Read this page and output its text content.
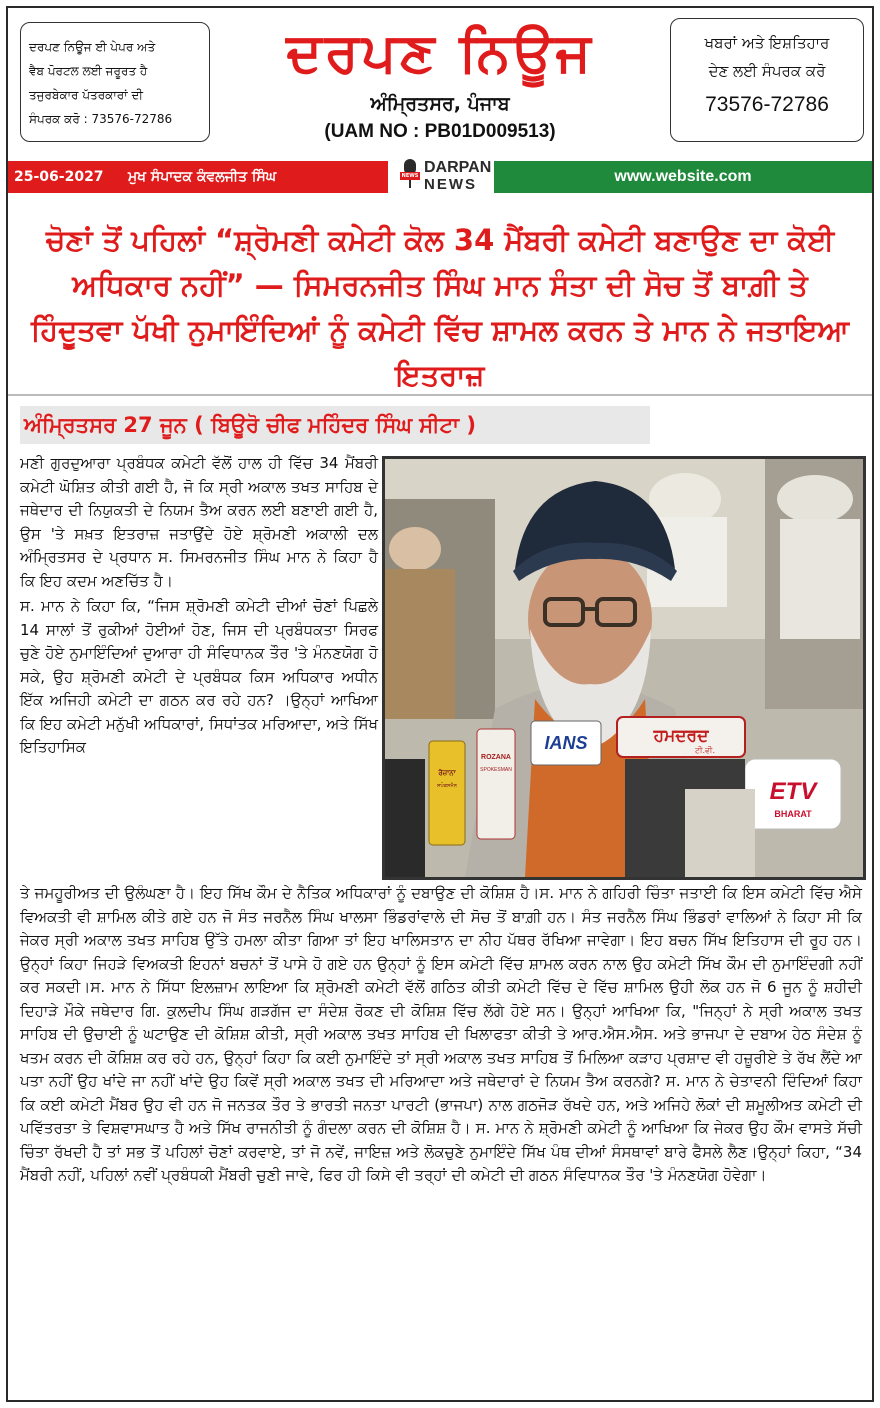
ਦਰਪਣ ਨਿਊਜ ਈ ਪੇਪਰ ਅਤੇ
ਵੈਬ ਪੋਰਟਲ ਲਈ ਜਰੂਰਤ ਹੈ
ਤਜੁਰਬੇਕਾਰ ਪੱਤਰਕਾਰਾਂ ਦੀ
ਸੰਪਰਕ ਕਰੋ : 73576-72786
ਦਰਪਣ ਨਿਊਜ
ਅੰਮ੍ਰਿਤਸਰ, ਪੰਜਾਬ
(UAM NO : PB01D009513)
ਖਬਰਾਂ ਅਤੇ ਇਸ਼ਤਿਹਾਰ
ਦੇਣ ਲਈ ਸੰਪਰਕ ਕਰੋ
73576-72786
25-06-2027 ਮੁਖ ਸੰਪਾਦਕ ਕੰਵਲਜੀਤ ਸਿੰਘ	NEWS DARPAN
NEWS	www.website.com
ਚੋਣਾਂ ਤੋਂ ਪਹਿਲਾਂ “ਸ਼੍ਰੋਮਣੀ ਕਮੇਟੀ ਕੋਲ 34 ਮੈਂਬਰੀ ਕਮੇਟੀ ਬਣਾਉਣ ਦਾ ਕੋਈ ਅਧਿਕਾਰ ਨਹੀਂ” — ਸਿਮਰਨਜੀਤ ਸਿੰਘ ਮਾਨ ਸੰਤਾ ਦੀ ਸੋਚ ਤੋਂ ਬਾਗ਼ੀ ਤੇ ਹਿੰਦੂਤਵਾ ਪੱਖੀ ਨੁਮਾਇੰਦਿਆਂ ਨੂੰ ਕਮੇਟੀ ਵਿੱਚ ਸ਼ਾਮਲ ਕਰਨ ਤੇ ਮਾਨ ਨੇ ਜਤਾਇਆ ਇਤਰਾਜ਼
ਅੰਮ੍ਰਿਤਸਰ 27 ਜੂਨ ( ਬਿਊਰੋ ਚੀਫ ਮਹਿੰਦਰ ਸਿੰਘ ਸੀਟਾ )

ਮਣੀ ਗੁਰਦੁਆਰਾ ਪ੍ਰਬੰਧਕ ਕਮੇਟੀ ਵੱਲੋਂ ਹਾਲ ਹੀ ਵਿੱਚ 34 ਮੈਂਬਰੀ ਕਮੇਟੀ ਘੋਸ਼ਿਤ ਕੀਤੀ ਗਈ ਹੈ, ਜੋ ਕਿ ਸ੍ਰੀ ਅਕਾਲ ਤਖਤ ਸਾਹਿਬ ਦੇ ਜਥੇਦਾਰ ਦੀ ਨਿਯੁਕਤੀ ਦੇ ਨਿਯਮ ਤੈਅ ਕਰਨ ਲਈ ਬਣਾਈ ਗਈ ਹੈ, ਉਸ 'ਤੇ ਸਖ਼ਤ ਇਤਰਾਜ਼ ਜਤਾਉਂਦੇ ਹੋਏ ਸ਼੍ਰੋਮਣੀ ਅਕਾਲੀ ਦਲ ਅੰਮ੍ਰਿਤਸਰ ਦੇ ਪ੍ਰਧਾਨ ਸ. ਸਿਮਰਨਜੀਤ ਸਿੰਘ ਮਾਨ ਨੇ ਕਿਹਾ ਹੈ ਕਿ ਇਹ ਕਦਮ ਅਣਚਿੱਤ ਹੈ।

ਸ. ਮਾਨ ਨੇ ਕਿਹਾ ਕਿ, “ਜਿਸ ਸ਼੍ਰੋਮਣੀ ਕਮੇਟੀ ਦੀਆਂ ਚੋਣਾਂ ਪਿਛਲੇ 14 ਸਾਲਾਂ ਤੋਂ ਰੁਕੀਆਂ ਹੋਈਆਂ ਹੋਣ, ਜਿਸ ਦੀ ਪ੍ਰਬੰਧਕਤਾ ਸਿਰਫ ਚੁਣੇ ਹੋਏ ਨੁਮਾਇੰਦਿਆਂ ਦੁਆਰਾ ਹੀ ਸੰਵਿਧਾਨਕ ਤੌਰ 'ਤੇ ਮੰਨਣਯੋਗ ਹੋ ਸਕੇ, ਉਹ ਸ਼੍ਰੋਮਣੀ ਕਮੇਟੀ ਦੇ ਪ੍ਰਬੰਧਕ ਕਿਸ ਅਧਿਕਾਰ ਅਧੀਨ ਇੱਕ ਅਜਿਹੀ ਕਮੇਟੀ ਦਾ ਗਠਨ ਕਰ ਰਹੇ ਹਨ? ।ਉਨ੍ਹਾਂ ਆਖਿਆ ਕਿ ਇਹ ਕਮੇਟੀ ਮਨੁੱਖੀ ਅਧਿਕਾਰਾਂ, ਸਿਧਾਂਤਕ ਮਰਿਆਦਾ, ਅਤੇ ਸਿੱਖ ਇਤਿਹਾਸਿਕ

ਹਮਦਰਦ
ਟੀ.ਵੀ.
ETV
BHARAT
IANS
ROZANA
SPOKESMAN
ਰੋਜ਼ਾਨਾ
ਸਪੋਕਸਮੈਨ

ਤੇ ਜਮਹੂਰੀਅਤ ਦੀ ਉਲੰਘਣਾ ਹੈ। ਇਹ ਸਿੱਖ ਕੌਮ ਦੇ ਨੈਤਿਕ ਅਧਿਕਾਰਾਂ ਨੂੰ ਦਬਾਉਣ ਦੀ ਕੋਸ਼ਿਸ਼ ਹੈ।ਸ. ਮਾਨ ਨੇ ਗਹਿਰੀ ਚਿੰਤਾ ਜਤਾਈ ਕਿ ਇਸ ਕਮੇਟੀ ਵਿੱਚ ਐਸੇ ਵਿਅਕਤੀ ਵੀ ਸ਼ਾਮਿਲ ਕੀਤੇ ਗਏ ਹਨ ਜੋ ਸੰਤ ਜਰਨੈਲ ਸਿੰਘ ਖਾਲਸਾ ਭਿੰਡਰਾਂਵਾਲੇ ਦੀ ਸੋਚ ਤੋਂ ਬਾਗ਼ੀ ਹਨ। ਸੰਤ ਜਰਨੈਲ ਸਿੰਘ ਭਿੰਡਰਾਂ ਵਾਲਿਆਂ ਨੇ ਕਿਹਾ ਸੀ ਕਿ ਜੇਕਰ ਸ੍ਰੀ ਅਕਾਲ ਤਖਤ ਸਾਹਿਬ ਉੱਤੇ ਹਮਲਾ ਕੀਤਾ ਗਿਆ ਤਾਂ ਇਹ ਖਾਲਿਸਤਾਨ ਦਾ ਨੀਹ ਪੱਥਰ ਰੱਖਿਆ ਜਾਵੇਗਾ। ਇਹ ਬਚਨ ਸਿੱਖ ਇਤਿਹਾਸ ਦੀ ਰੂਹ ਹਨ। ਉਨ੍ਹਾਂ ਕਿਹਾ ਜਿਹੜੇ ਵਿਅਕਤੀ ਇਹਨਾਂ ਬਚਨਾਂ ਤੋਂ ਪਾਸੇ ਹੋ ਗਏ ਹਨ ਉਨ੍ਹਾਂ ਨੂੰ ਇਸ ਕਮੇਟੀ ਵਿੱਚ ਸ਼ਾਮਲ ਕਰਨ ਨਾਲ ਉਹ ਕਮੇਟੀ ਸਿੱਖ ਕੌਮ ਦੀ ਨੁਮਾਇੰਦਗੀ ਨਹੀਂ ਕਰ ਸਕਦੀ।ਸ. ਮਾਨ ਨੇ ਸਿੱਧਾ ਇਲਜ਼ਾਮ ਲਾਇਆ ਕਿ ਸ਼੍ਰੋਮਣੀ ਕਮੇਟੀ ਵੱਲੋਂ ਗਠਿਤ ਕੀਤੀ ਕਮੇਟੀ ਵਿੱਚ ਦੇ ਵਿੱਚ ਸ਼ਾਮਿਲ ਉਹੀ ਲੋਕ ਹਨ ਜੋ 6 ਜੂਨ ਨੂੰ ਸ਼ਹੀਦੀ ਦਿਹਾੜੇ ਮੌਕੇ ਜਥੇਦਾਰ ਗਿ. ਕੁਲਦੀਪ ਸਿੰਘ ਗੜਗੱਜ ਦਾ ਸੰਦੇਸ਼ ਰੋਕਣ ਦੀ ਕੋਸ਼ਿਸ਼ ਵਿੱਚ ਲੱਗੇ ਹੋਏ ਸਨ। ਉਨ੍ਹਾਂ ਆਖਿਆ ਕਿ, "ਜਿਨ੍ਹਾਂ ਨੇ ਸ੍ਰੀ ਅਕਾਲ ਤਖਤ ਸਾਹਿਬ ਦੀ ਉਚਾਈ ਨੂੰ ਘਟਾਉਣ ਦੀ ਕੋਸ਼ਿਸ਼ ਕੀਤੀ, ਸ੍ਰੀ ਅਕਾਲ ਤਖਤ ਸਾਹਿਬ ਦੀ ਖਿਲਾਫਤਾ ਕੀਤੀ ਤੇ ਆਰ.ਐਸ.ਐਸ. ਅਤੇ ਭਾਜਪਾ ਦੇ ਦਬਾਅ ਹੇਠ ਸੰਦੇਸ਼ ਨੂੰ ਖਤਮ ਕਰਨ ਦੀ ਕੋਸ਼ਿਸ਼ ਕਰ ਰਹੇ ਹਨ, ਉਨ੍ਹਾਂ ਕਿਹਾ ਕਿ ਕਈ ਨੁਮਾਇੰਦੇ ਤਾਂ ਸ੍ਰੀ ਅਕਾਲ ਤਖਤ ਸਾਹਿਬ ਤੋਂ ਮਿਲਿਆ ਕੜਾਹ ਪ੍ਰਸ਼ਾਦ ਵੀ ਹਜ਼ੂਰੀਏ ਤੇ ਰੱਖ ਲੈਂਦੇ ਆ ਪਤਾ ਨਹੀਂ ਉਹ ਖਾਂਦੇ ਜਾ ਨਹੀਂ ਖਾਂਦੇ ਉਹ ਕਿਵੇਂ ਸ੍ਰੀ ਅਕਾਲ ਤਖਤ ਦੀ ਮਰਿਆਦਾ ਅਤੇ ਜਥੇਦਾਰਾਂ ਦੇ ਨਿਯਮ ਤੈਅ ਕਰਨਗੇ? ਸ. ਮਾਨ ਨੇ ਚੇਤਾਵਨੀ ਦਿੰਦਿਆਂ ਕਿਹਾ ਕਿ ਕਈ ਕਮੇਟੀ ਮੈਂਬਰ ਉਹ ਵੀ ਹਨ ਜੋ ਜਨਤਕ ਤੌਰ ਤੇ ਭਾਰਤੀ ਜਨਤਾ ਪਾਰਟੀ (ਭਾਜਪਾ) ਨਾਲ ਗਠਜੋੜ ਰੱਖਦੇ ਹਨ, ਅਤੇ ਅਜਿਹੇ ਲੋਕਾਂ ਦੀ ਸ਼ਮੂਲੀਅਤ ਕਮੇਟੀ ਦੀ ਪਵਿੱਤਰਤਾ ਤੇ ਵਿਸ਼ਵਾਸਘਾਤ ਹੈ ਅਤੇ ਸਿੱਖ ਰਾਜਨੀਤੀ ਨੂੰ ਗੰਦਲਾ ਕਰਨ ਦੀ ਕੋਸ਼ਿਸ਼ ਹੈ। ਸ. ਮਾਨ ਨੇ ਸ਼੍ਰੋਮਣੀ ਕਮੇਟੀ ਨੂੰ ਆਖਿਆ ਕਿ ਜੇਕਰ ਉਹ ਕੌਮ ਵਾਸਤੇ ਸੱਚੀ ਚਿੰਤਾ ਰੱਖਦੀ ਹੈ ਤਾਂ ਸਭ ਤੋਂ ਪਹਿਲਾਂ ਚੋਣਾਂ ਕਰਵਾਏ, ਤਾਂ ਜੋ ਨਵੇਂ, ਜਾਇਜ਼ ਅਤੇ ਲੋਕਚੁਣੇ ਨੁਮਾਇੰਦੇ ਸਿੱਖ ਪੰਥ ਦੀਆਂ ਸੰਸਥਾਵਾਂ ਬਾਰੇ ਫੈਸਲੇ ਲੈਣ।ਉਨ੍ਹਾਂ ਕਿਹਾ, “34 ਮੈਂਬਰੀ ਨਹੀਂ, ਪਹਿਲਾਂ ਨਵੀਂ ਪ੍ਰਬੰਧਕੀ ਮੈਂਬਰੀ ਚੁਣੀ ਜਾਵੇ, ਫਿਰ ਹੀ ਕਿਸੇ ਵੀ ਤਰ੍ਹਾਂ ਦੀ ਕਮੇਟੀ ਦੀ ਗਠਨ ਸੰਵਿਧਾਨਕ ਤੌਰ 'ਤੇ ਮੰਨਣਯੋਗ ਹੋਵੇਗਾ।
